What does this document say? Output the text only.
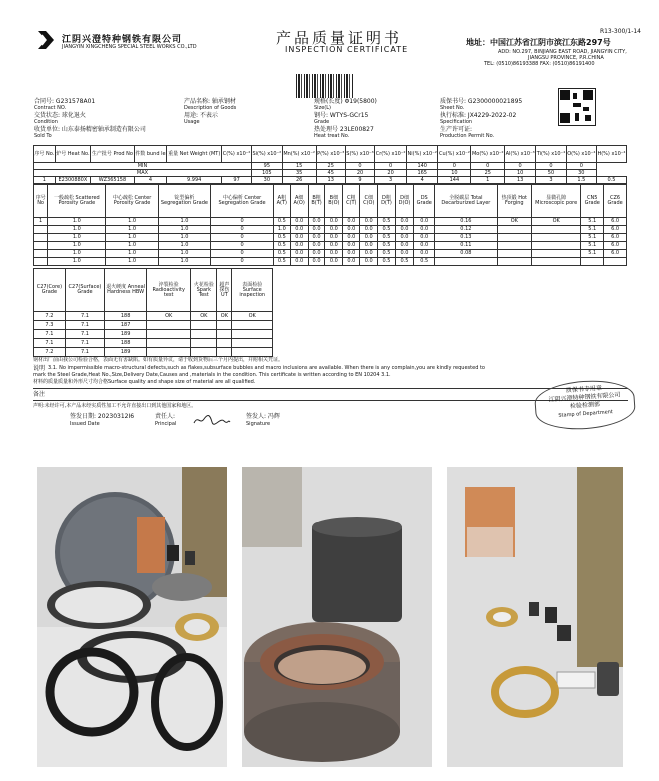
R13-300/1-14
江阴兴澄特种钢铁有限公司
JIANGYIN XINGCHENG SPECIAL STEEL WORKS CO.,LTD	产品质量证明书
INSPECTION CERTIFICATE
地址：中国江苏省江阴市滨江东路297号
ADD: NO.297, BINJIANG EAST ROAD, JIANGYIN CITY,
JIANGSU PROVINCE, P.R.CHINA
TEL: (0510)86193388 FAX: (0510)86191400
合同号: G231578A01
Contract NO.
交货状态: 球化退火
Condition
收货单位: 山东泰扬精密轴承制造有限公司
Sold To
产品名称: 轴承钢材
Description of Goods
用途: 不表示
Usage
规格(长度) Φ19(5800)
Size(L)
钢号: WTYS-GCr15
Grade
热处理号 23LE00827
Heat treat No.
质保书号: G2300000021895
Sheet No.
执行标准: JX4229-2022-02
Specification
生产许可证:
Production Permit No.
序号 No.	炉号 Heat No.	生产批号 Prod No	件数 bund le	重量 Net Weight (MT)	C(%) x10⁻²	Si(%) x10⁻²	Mn(%) x10⁻²	P(%) x10⁻³	S(%) x10⁻³	Cr(%) x10⁻²	Ni(%) x10⁻²	Cu(%) x10⁻²	Mo(%) x10⁻²	Al(%) x10⁻³	Ti(%) x10⁻⁴	O(%) x10⁻⁴	H(%) x10⁻⁴
MIN						95	15	25	0	0	140	0	0	0	0	0	
MAX						105	35	45	20	20	165	10	25	10	50	30	
1	E2300880X	WZ365158	4	9.994	97	30	26	13	9	3	4	144	1	13	3	1.5	0.5
序号 No	一般疏松 Scattered Porosity Grade	中心疏松 Center Porosity Grade	锭型偏析 Segregation Grade	中心偏析 Center Segregation Grade	A粗 A(T)	A细 A(O)	B粗 B(T)	B细 B(O)	C粗 C(T)	C细 C(O)	D粗 D(T)	D细 D(O)	DS Grade	全脱碳层 Total Decarburized Layer	热顶锻 Hot Forging	显微孔隙 Microscopic pore	CN5 Grade	CZ6 Grade
1	1.0	1.0	1.0	0	0.5	0.0	0.0	0.0	0.0	0.0	0.5	0.0	0.0	0.16	OK	OK	5.1	6.0
	1.0	1.0	1.0	0	1.0	0.0	0.0	0.0	0.0	0.0	0.5	0.0	0.0	0.12			5.1	6.0
	1.0	1.0	1.0	0	0.5	0.0	0.0	0.0	0.0	0.0	0.5	0.0	0.0	0.13			5.1	6.0
	1.0	1.0	1.0	0	0.5	0.0	0.0	0.0	0.0	0.0	0.5	0.0	0.0	0.11			5.1	6.0
	1.0	1.0	1.0	0	0.5	0.0	0.0	0.0	0.0	0.0	0.5	0.0	0.0	0.08			5.1	6.0
	1.0	1.0	1.0	0	0.5	0.0	0.0	0.0	0.0	0.0	0.5	0.5	0.5					
C27(Core) Grade	C27(Surface) Grade	退火硬度 Anneal Hardness HBW	淬裂检验 Radioactivity test	火花检验 Spark Test	超声探伤 UT	表面检验 Surface inspection
7.2	7.1	188	OK	OK	OK	OK
7.3	7.1	187				
7.1	7.1	189				
7.1	7.1	188				
7.2	7.1	189				
钢材出厂前由我公司检验合格，表面无有害缺陷。如有质量异议，请于收到货物后三个月内提出，并附相关凭证。
说明 3.1. No impermissible macro-structural defects,such as flakes,subsurface bubbles and macro inclusions are available. When there is any complain,you are kindly requested to
mark the Steel Grade,Heat No.,Size,Delivery Date,Causes and ,materials in the condition. This certificate is written according to EN 10204 3.1.
材料的质量质量和外形尺寸均合格Surface quality and shape size of material are all qualified.
备注
声明:未经许可,本产品未经实质性加工不允许直接出口到其他国家和地区。
签发日期: 20230312I6
Issued Date
责任人:
Principal
签发人: 冯辉
Signature
质保书专用章
江阴兴澄特种钢铁有限公司
检验检测部
Stamp of Department
